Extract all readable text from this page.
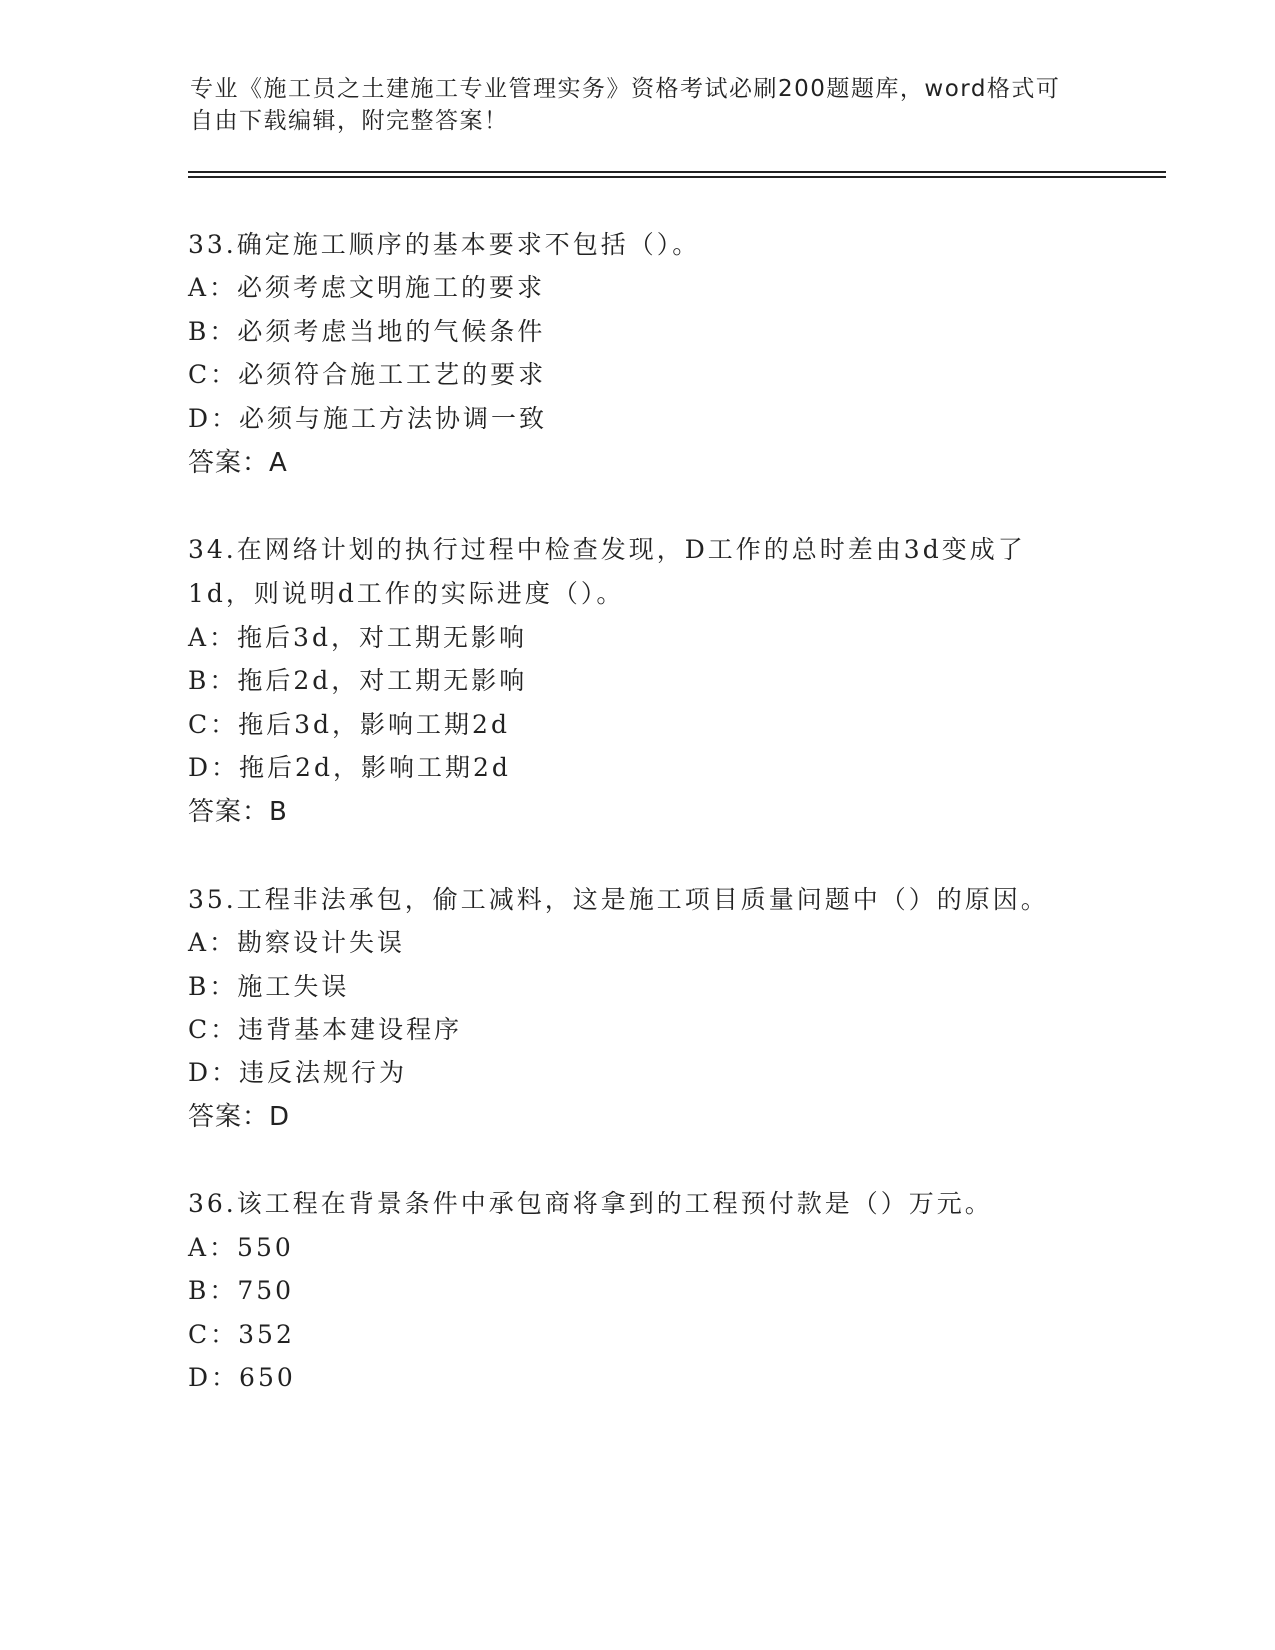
专业《施工员之土建施工专业管理实务》资格考试必刷200题题库，word格式可
自由下载编辑，附完整答案！
33.确定施工顺序的基本要求不包括（）。
A：必须考虑文明施工的要求
B：必须考虑当地的气候条件
C：必须符合施工工艺的要求
D：必须与施工方法协调一致
答案：A
34.在网络计划的执行过程中检查发现，D工作的总时差由3d变成了
1d，则说明d工作的实际进度（）。
A：拖后3d，对工期无影响
B：拖后2d，对工期无影响
C：拖后3d，影响工期2d
D：拖后2d，影响工期2d
答案：B
35.工程非法承包，偷工减料，这是施工项目质量问题中（）的原因。
A：勘察设计失误
B：施工失误
C：违背基本建设程序
D：违反法规行为
答案：D
36.该工程在背景条件中承包商将拿到的工程预付款是（）万元。
A：550
B：750
C：352
D：650
